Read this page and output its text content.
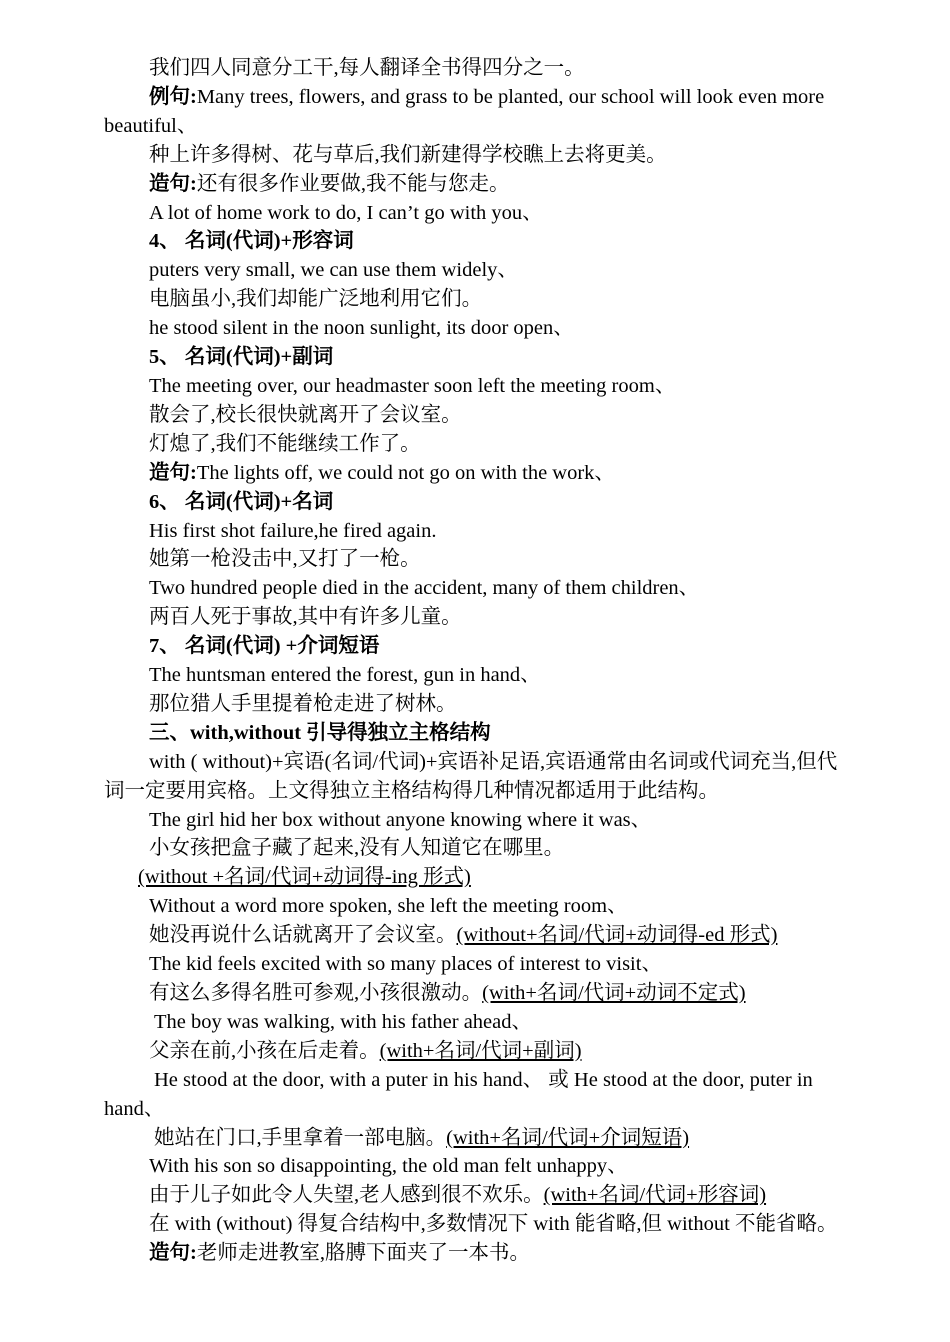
我们四人同意分工干,每人翻译全书得四分之一。
例句:Many trees, flowers, and grass to be planted, our school will look even more beautiful、
种上许多得树、花与草后,我们新建得学校瞧上去将更美。
造句:还有很多作业要做,我不能与您走。
A lot of home work to do, I can’t go with you、
4、 名词(代词)+形容词
puters very small, we can use them widely、
电脑虽小,我们却能广泛地利用它们。
he stood silent in the noon sunlight, its door open、
5、 名词(代词)+副词
The meeting over, our headmaster soon left the meeting room、
散会了,校长很快就离开了会议室。
灯熄了,我们不能继续工作了。
造句:The lights off, we could not go on with the work、
6、 名词(代词)+名词
His first shot failure,he fired again.
她第一枪没击中,又打了一枪。
Two hundred people died in the accident, many of them children、
两百人死于事故,其中有许多儿童。
7、 名词(代词) +介词短语
The huntsman entered the forest, gun in hand、
那位猎人手里提着枪走进了树林。
三、with,without 引导得独立主格结构
with ( without)+宾语(名词/代词)+宾语补足语,宾语通常由名词或代词充当,但代词一定要用宾格。上文得独立主格结构得几种情况都适用于此结构。
The girl hid her box without anyone knowing where it was、
小女孩把盒子藏了起来,没有人知道它在哪里。
(without +名词/代词+动词得-ing 形式)
Without a word more spoken, she left the meeting room、
她没再说什么话就离开了会议室。(without+名词/代词+动词得-ed 形式)
The kid feels excited with so many places of interest to visit、
有这么多得名胜可参观,小孩很激动。(with+名词/代词+动词不定式)
The boy was walking, with his father ahead、
父亲在前,小孩在后走着。(with+名词/代词+副词)
He stood at the door, with a puter in his hand、 或 He stood at the door, puter in hand、
她站在门口,手里拿着一部电脑。(with+名词/代词+介词短语)
With his son so disappointing, the old man felt unhappy、
由于儿子如此令人失望,老人感到很不欢乐。(with+名词/代词+形容词)
在 with (without) 得复合结构中,多数情况下 with 能省略,但 without 不能省略。
造句:老师走进教室,胳膊下面夹了一本书。
